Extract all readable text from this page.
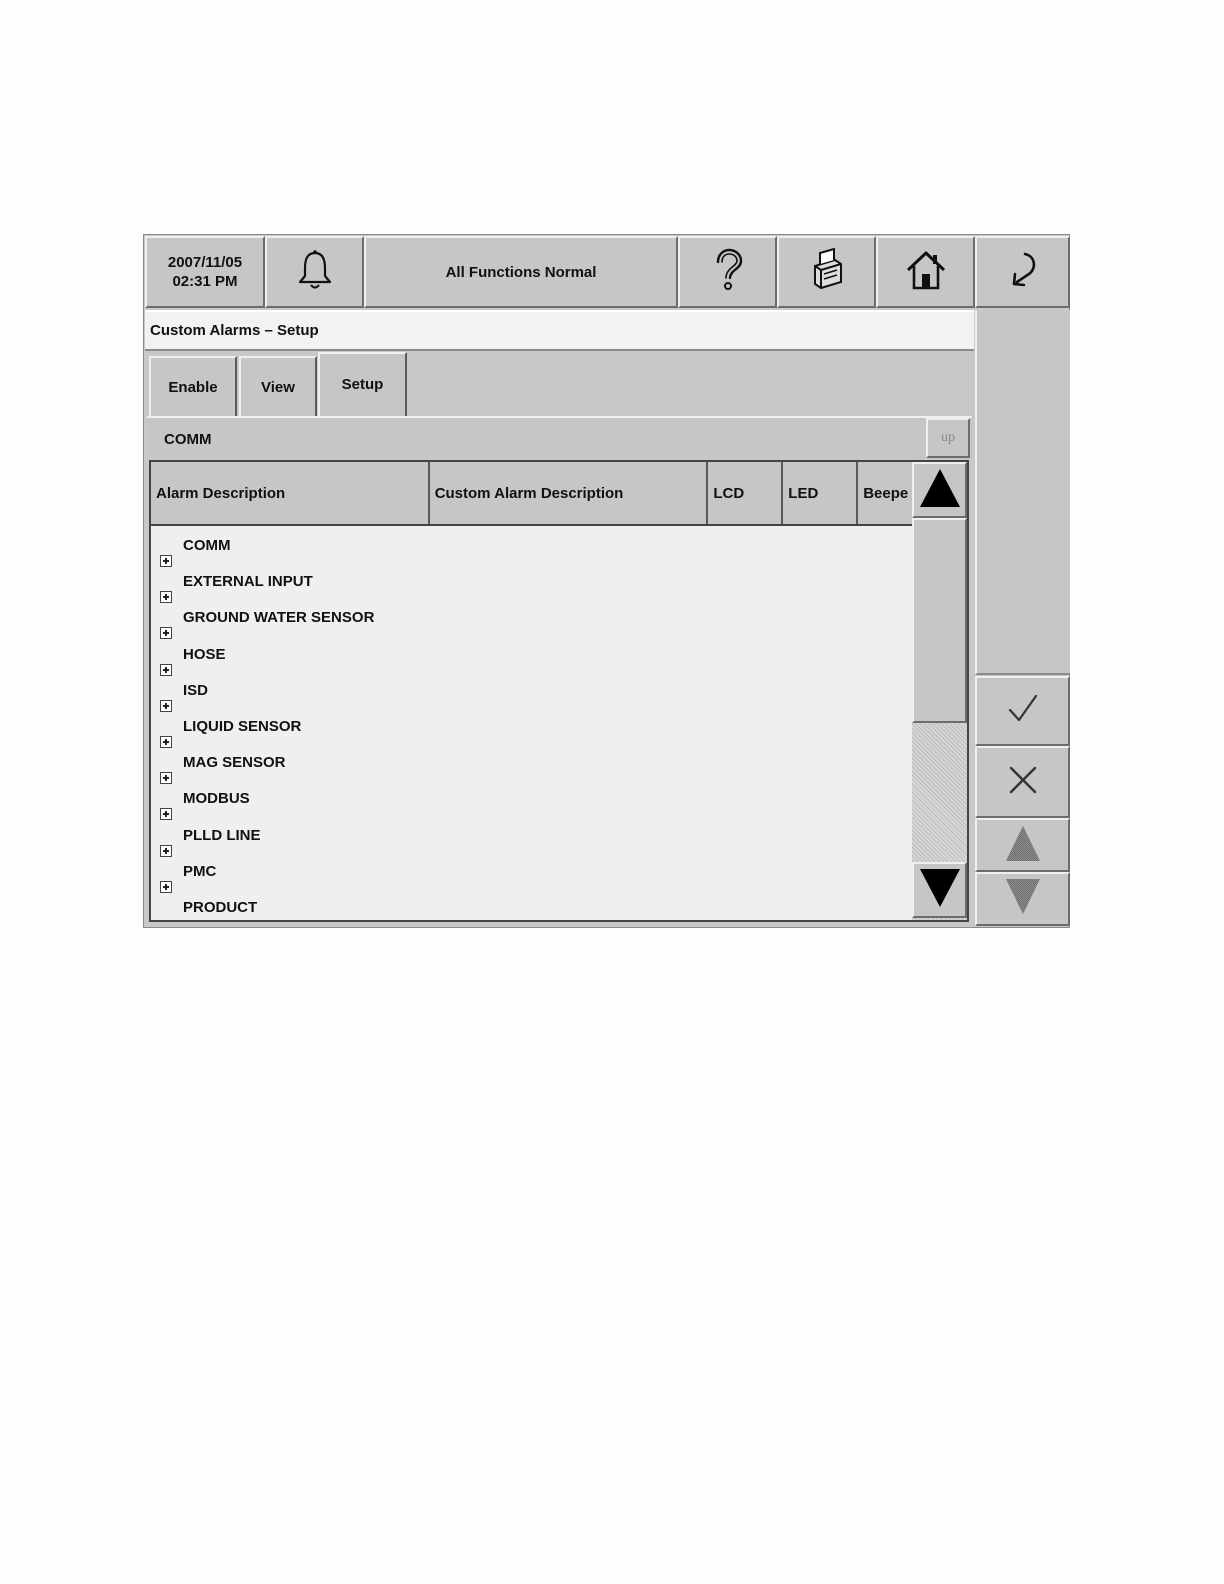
2007/11/05
02:31 PM
All Functions Normal
Custom Alarms – Setup
Enable	View	Setup
COMM	up
Alarm Description	Custom Alarm Description	LCD	LED	Beepe
COMM
EXTERNAL INPUT
GROUND WATER SENSOR
HOSE
ISD
LIQUID SENSOR
MAG SENSOR
MODBUS
PLLD LINE
PMC
PRODUCT
